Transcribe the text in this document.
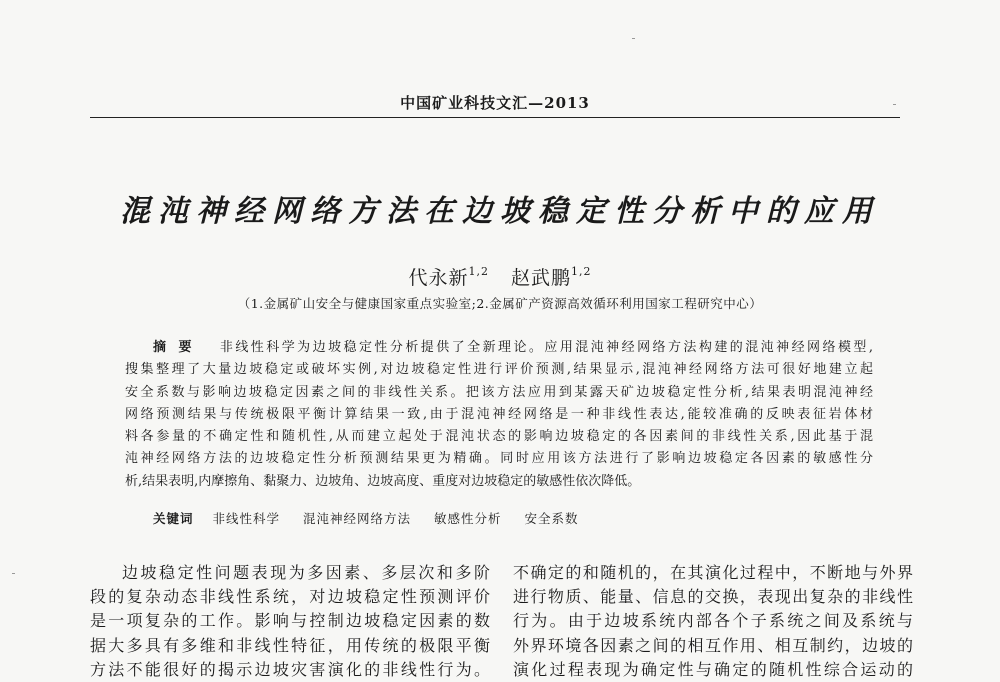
中国矿业科技文汇—2013
混沌神经网络方法在边坡稳定性分析中的应用
代永新$^{1,2}$ 赵武鹏$^{1,2}$
（1.金属矿山安全与健康国家重点实验室;2.金属矿产资源高效循环利用国家工程研究中心）
摘要 非线性科学为边坡稳定性分析提供了全新理论。应用混沌神经网络方法构建的混沌神经网络模型,
搜集整理了大量边坡稳定或破坏实例,对边坡稳定性进行评价预测,结果显示,混沌神经网络方法可很好地建立起
安全系数与影响边坡稳定因素之间的非线性关系。把该方法应用到某露天矿边坡稳定性分析,结果表明混沌神经
网络预测结果与传统极限平衡计算结果一致,由于混沌神经网络是一种非线性表达,能较准确的反映表征岩体材
料各参量的不确定性和随机性,从而建立起处于混沌状态的影响边坡稳定的各因素间的非线性关系,因此基于混
沌神经网络方法的边坡稳定性分析预测结果更为精确。同时应用该方法进行了影响边坡稳定各因素的敏感性分
析,结果表明,内摩擦角、黏聚力、边坡角、边坡高度、重度对边坡稳定的敏感性依次降低。
关键词 非线性科学 混沌神经网络方法 敏感性分析 安全系数
边坡稳定性问题表现为多因素、多层次和多阶
段的复杂动态非线性系统，对边坡稳定性预测评价
是一项复杂的工作。影响与控制边坡稳定因素的数
据大多具有多维和非线性特征，用传统的极限平衡
方法不能很好的揭示边坡灾害演化的非线性行为。
不确定的和随机的，在其演化过程中，不断地与外界
进行物质、能量、信息的交换，表现出复杂的非线性
行为。由于边坡系统内部各个子系统之间及系统与
外界环境各因素之间的相互作用、相互制约，边坡的
演化过程表现为确定性与确定的随机性综合运动的
